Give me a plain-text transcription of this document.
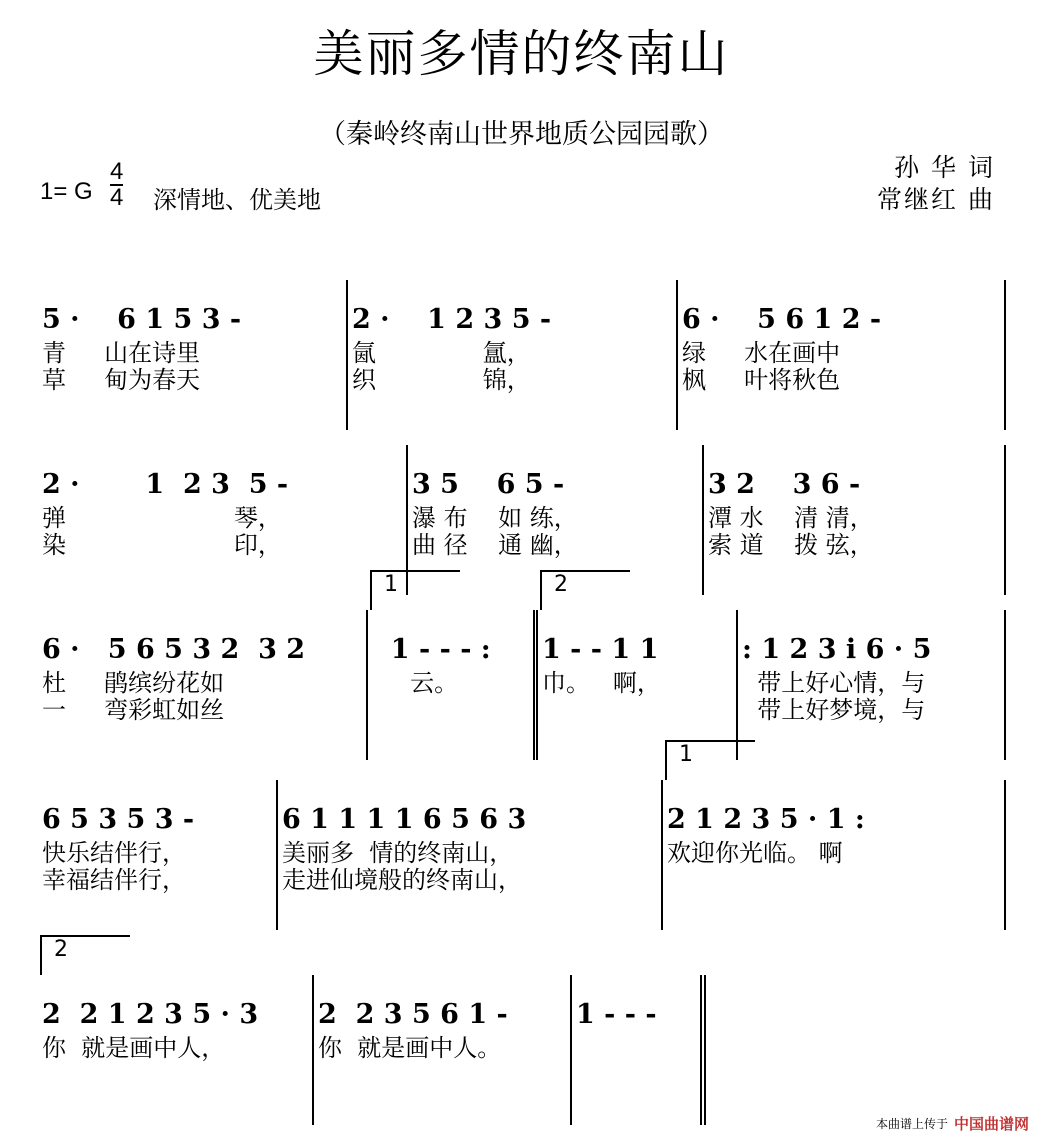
美丽多情的终南山
（秦岭终南山世界地质公园园歌）
1= G
4
4 深情地、优美地
孙 华 词
常继红 曲
5 ·    6 1 5 3 -
青     山在诗里
草     甸为春天
2 ·    1 2 3 5 -
氤              氲，
织              锦，
6 ·    5 6 1 2 -
绿     水在画中
枫     叶将秋色
2 ·       1  2 3  5 -
弹                      琴，
染                      印，
3 5    6 5 -
瀑 布    如 练，
曲 径    通 幽，
3 2    3 6 -
潭 水    清 清，
索 道    拨 弦，
6 ·   5 6 5 3 2  3 2
杜     鹃缤纷花如
一     弯彩虹如丝
1
1 - - - :
云。
2
1 - - 1 1
巾。   啊，
: 1 2 3 i 6 · 5
带上好心情，与
带上好梦境，与
6 5 3 5 3 -
快乐结伴行，
幸福结伴行，
6 1 1 1 1 6 5 6 3
美丽多  情的终南山，
走进仙境般的终南山，
1
2 1 2 3 5 · 1 :
欢迎你光临。 啊
2
2  2 1 2 3 5 · 3
你  就是画中人，
2  2 3 5 6 1 -
你  就是画中人。
1 - - -
本曲谱上传于 中国曲谱网
